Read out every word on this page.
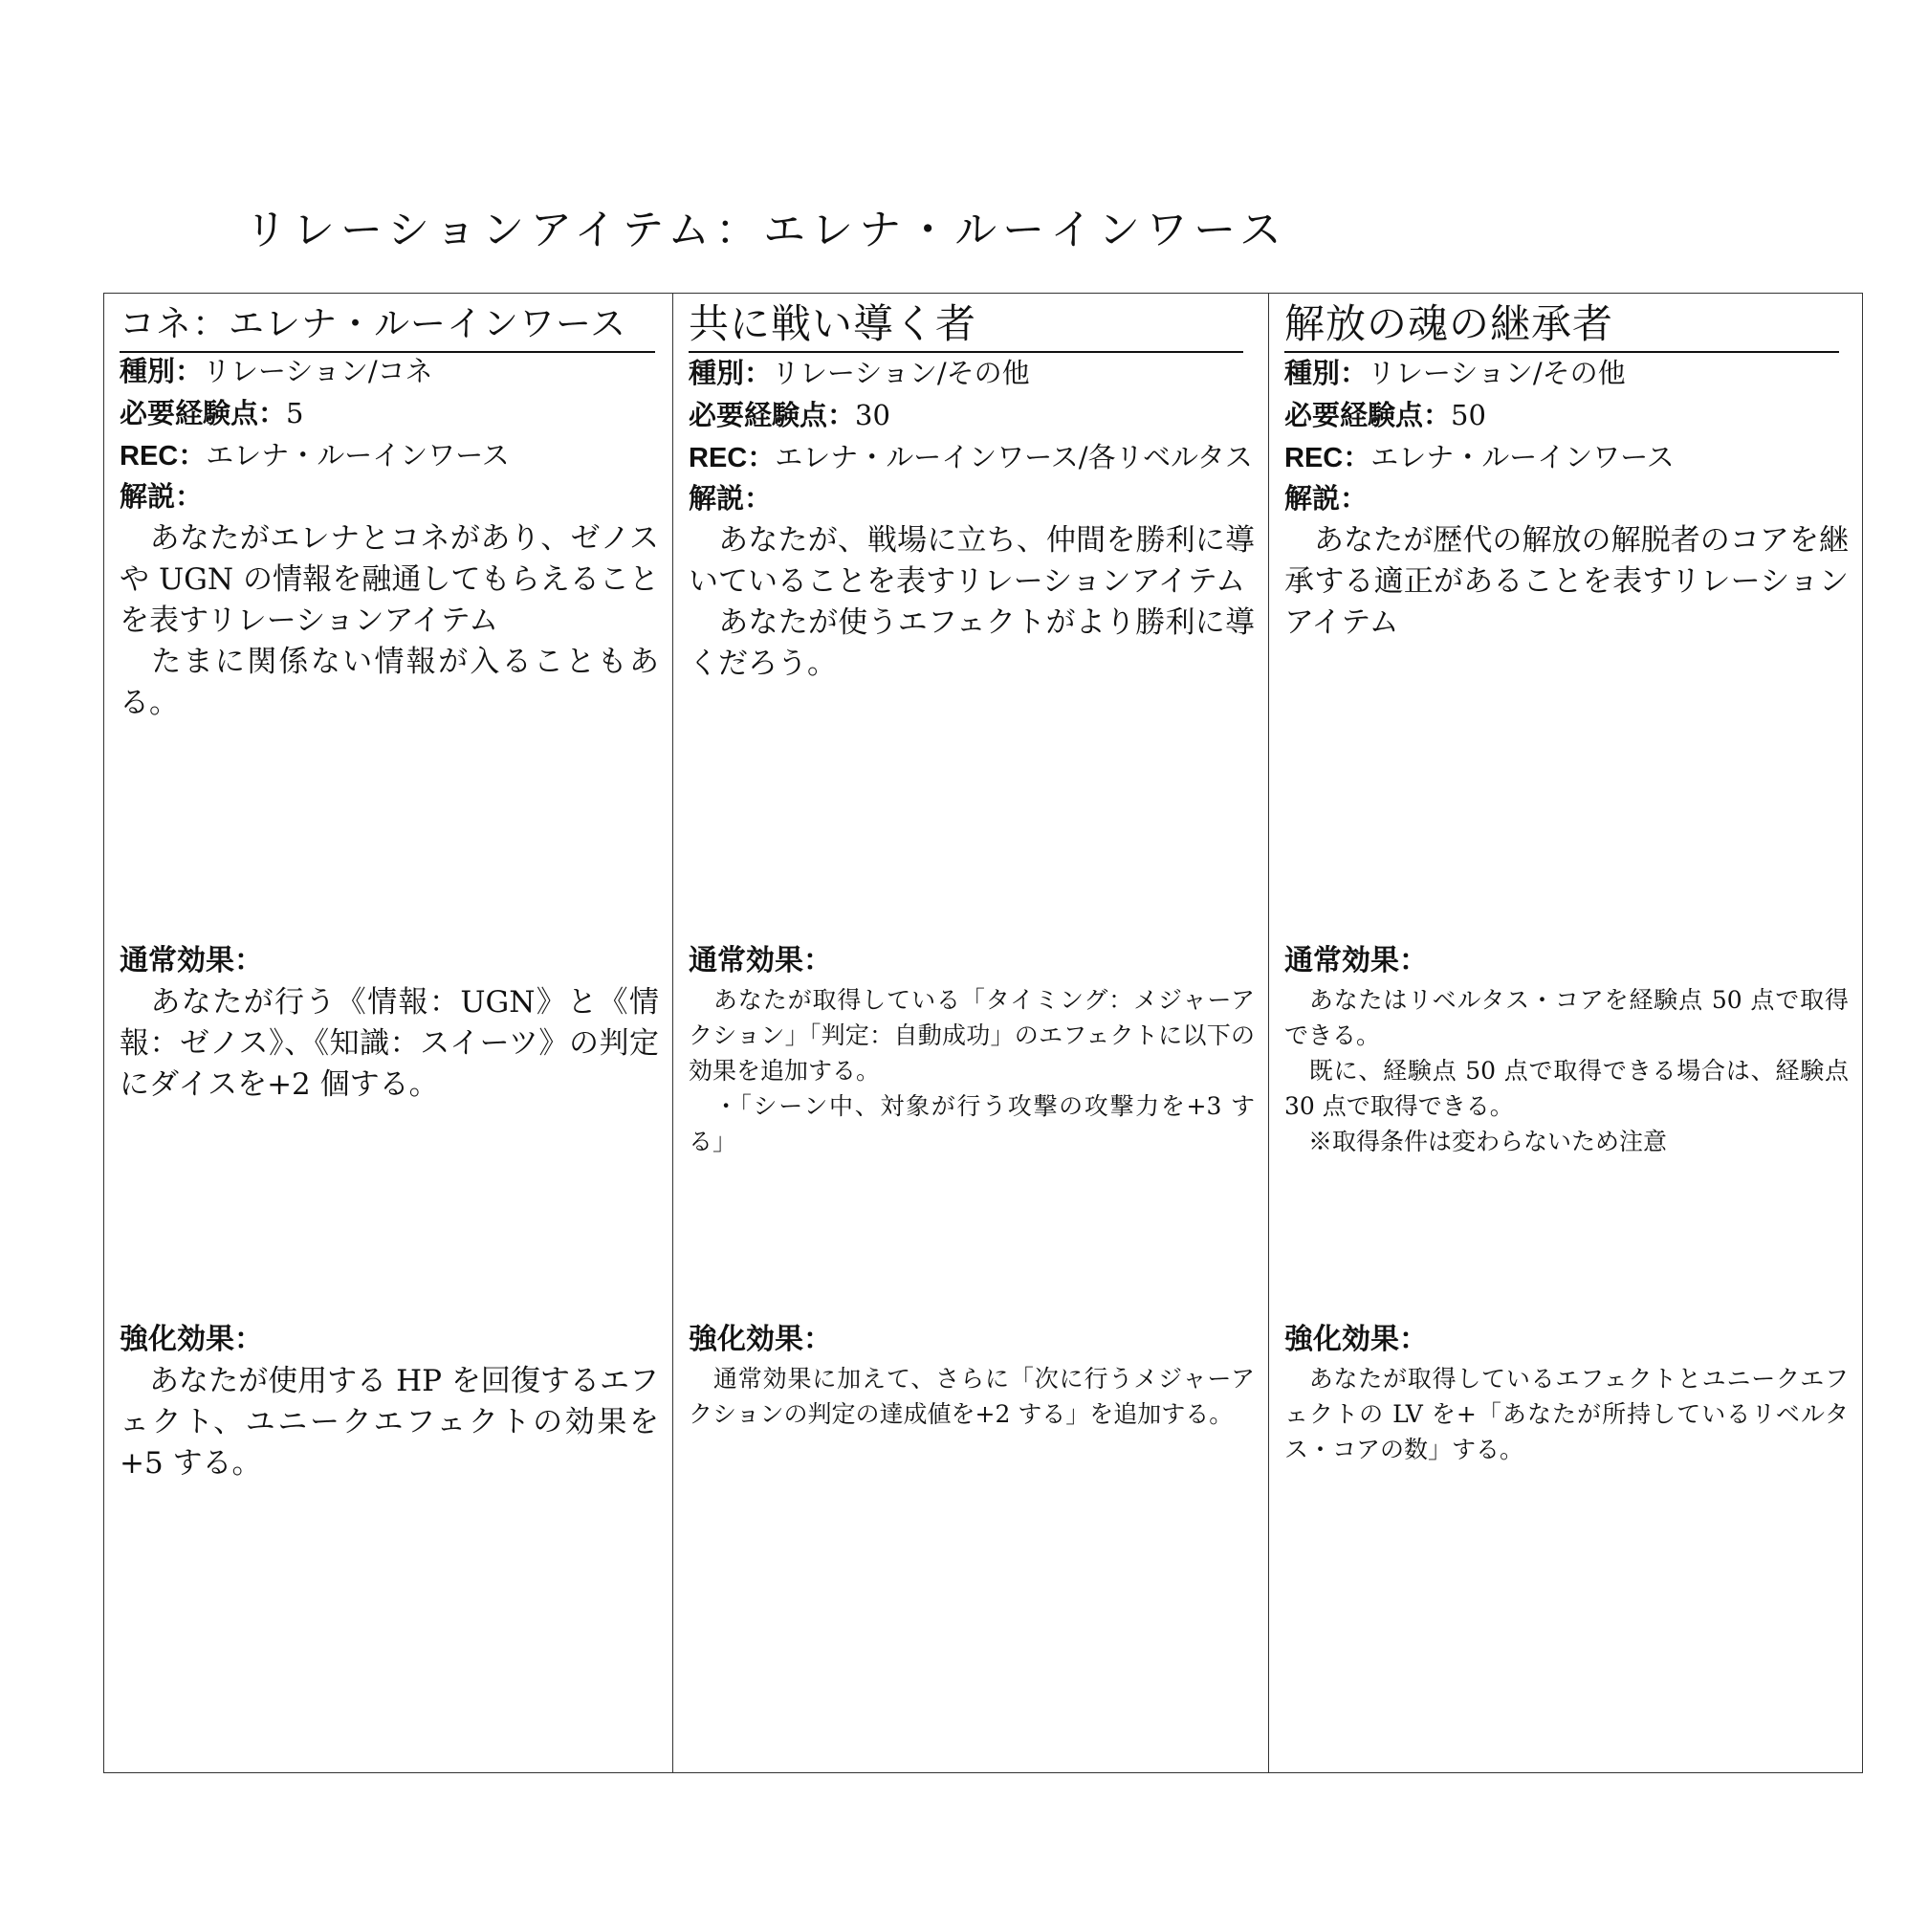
リレーションアイテム：エレナ・ルーインワース
コネ：エレナ・ルーインワース
種別：リレーション/コネ
必要経験点：5
REC：エレナ・ルーインワース
解説：

　あなたがエレナとコネがあり、ゼノスや UGN の情報を融通してもらえることを表すリレーションアイテム

　たまに関係ない情報が入ることもある。

通常効果：

　あなたが行う《情報：UGN》と《情報：ゼノス》、《知識：スイーツ》の判定にダイスを+2 個する。

強化効果：

　あなたが使用する HP を回復するエフェクト、ユニークエフェクトの効果を+5 する。

共に戦い導く者
種別：リレーション/その他
必要経験点：30
REC：エレナ・ルーインワース/各リベルタス
解説：

　あなたが、戦場に立ち、仲間を勝利に導いていることを表すリレーションアイテム

　あなたが使うエフェクトがより勝利に導くだろう。

通常効果：

　あなたが取得している「タイミング：メジャーアクション」「判定：自動成功」のエフェクトに以下の効果を追加する。

　・「シーン中、対象が行う攻撃の攻撃力を+3 する」

強化効果：

　通常効果に加えて、さらに「次に行うメジャーアクションの判定の達成値を+2 する」を追加する。

解放の魂の継承者
種別：リレーション/その他
必要経験点：50
REC：エレナ・ルーインワース
解説：

　あなたが歴代の解放の解脱者のコアを継承する適正があることを表すリレーションアイテム

通常効果：

　あなたはリベルタス・コアを経験点 50 点で取得できる。

　既に、経験点 50 点で取得できる場合は、経験点 30 点で取得できる。

　※取得条件は変わらないため注意

強化効果：

　あなたが取得しているエフェクトとユニークエフェクトの LV を+「あなたが所持しているリベルタス・コアの数」する。
